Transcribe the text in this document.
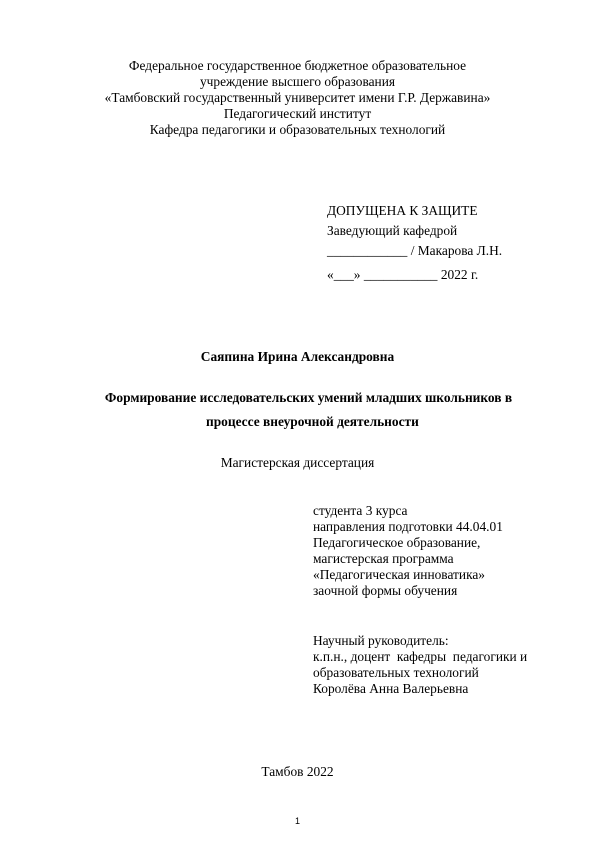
Федеральное государственное бюджетное образовательное
учреждение высшего образования
«Тамбовский государственный университет имени Г.Р. Державина»
Педагогический институт
Кафедра педагогики и образовательных технологий
ДОПУЩЕНА К ЗАЩИТЕ
Заведующий кафедрой
____________ / Макарова Л.Н.
«___» ___________ 2022 г.
Саяпина Ирина Александровна
Формирование исследовательских умений младших школьников в
процессе внеурочной деятельности
Магистерская диссертация
студента 3 курса
направления подготовки 44.04.01
Педагогическое образование,
магистерская программа
«Педагогическая инноватика»
заочной формы обучения
Научный руководитель:
к.п.н., доцент  кафедры  педагогики и
образовательных технологий
Королёва Анна Валерьевна
Тамбов 2022
1
